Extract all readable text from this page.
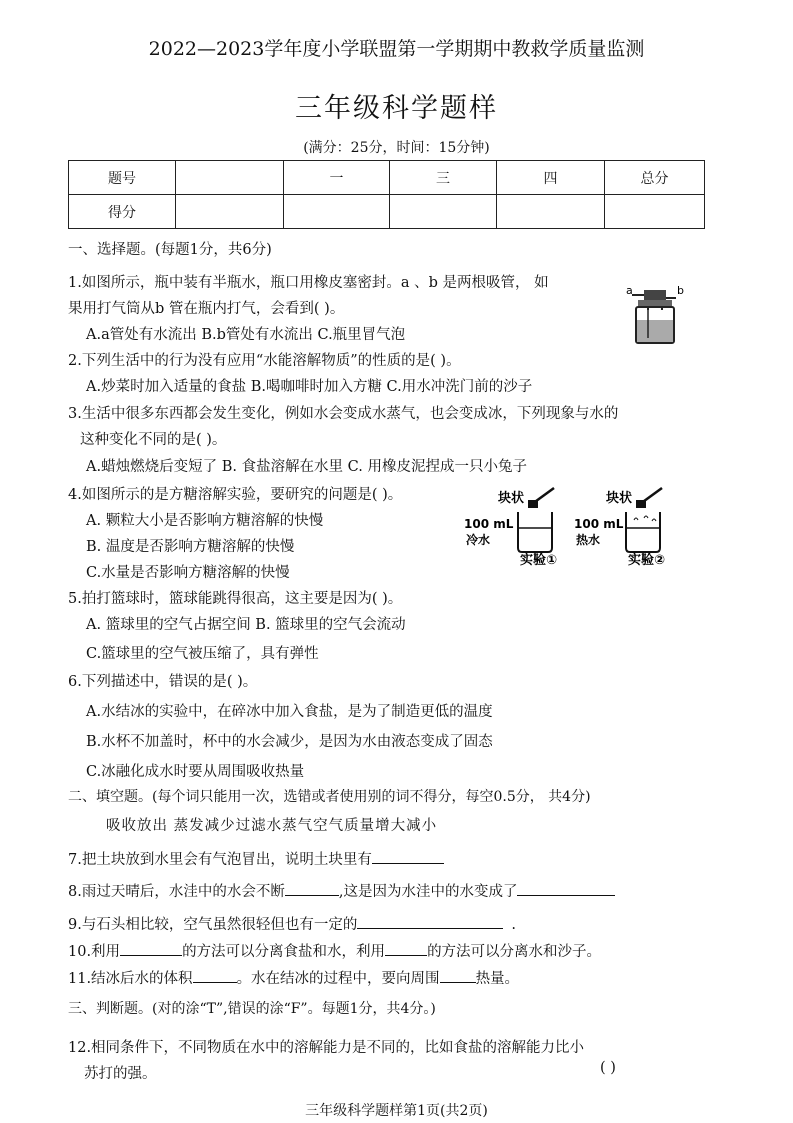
2022—2023学年度小学联盟第一学期期中教救学质量监测
三年级科学题样
(满分：25分，时间：15分钟)
题号		一	三	四	总分
得分					
一、选择题。(每题1分，共6分)
1.如图所示，瓶中装有半瓶水，瓶口用橡皮塞密封。a 、b 是两根吸管， 如
果用打气筒从b 管在瓶内打气，会看到( )。
A.a管处有水流出 B.b管处有水流出 C.瓶里冒气泡
a	b
2.下列生活中的行为没有应用“水能溶解物质”的性质的是( )。
A.炒菜时加入适量的食盐 B.喝咖啡时加入方糖 C.用水冲洗门前的沙子
3.生活中很多东西都会发生变化，例如水会变成水蒸气，也会变成冰，下列现象与水的
这种变化不同的是( )。
A.蜡烛燃烧后变短了 B. 食盐溶解在水里 C. 用橡皮泥捏成一只小兔子
4.如图所示的是方糖溶解实验，要研究的问题是( )。
A. 颗粒大小是否影响方糖溶解的快慢
B. 温度是否影响方糖溶解的快慢
C.水量是否影响方糖溶解的快慢
块状
100 mL
冷水
实验①
块状
100 mL
热水
实验②
5.拍打篮球时，篮球能跳得很高，这主要是因为( )。
A. 篮球里的空气占据空间 B. 篮球里的空气会流动
C.篮球里的空气被压缩了，具有弹性
6.下列描述中，错误的是( )。
A.水结冰的实验中，在碎冰中加入食盐，是为了制造更低的温度
B.水杯不加盖时，杯中的水会减少，是因为水由液态变成了固态
C.冰融化成水时要从周围吸收热量
二、填空题。(每个词只能用一次，选错或者使用别的词不得分，每空0.5分， 共4分)
吸收放出 蒸发减少过滤水蒸气空气质量增大减小
7.把土块放到水里会有气泡冒出，说明土块里有
8.雨过天晴后，水洼中的水会不断	,这是因为水洼中的水变成了
9.与石头相比较，空气虽然很轻但也有一定的	.
10.利用	的方法可以分离食盐和水，利用	的方法可以分离水和沙子。
11.结冰后水的体积	。水在结冰的过程中，要向周围 热量。
三、判断题。(对的涂“T”,错误的涂“F”。每题1分，共4分。)
12.相同条件下，不同物质在水中的溶解能力是不同的，比如食盐的溶解能力比小
苏打的强。	( )
三年级科学题样第1页(共2页)
